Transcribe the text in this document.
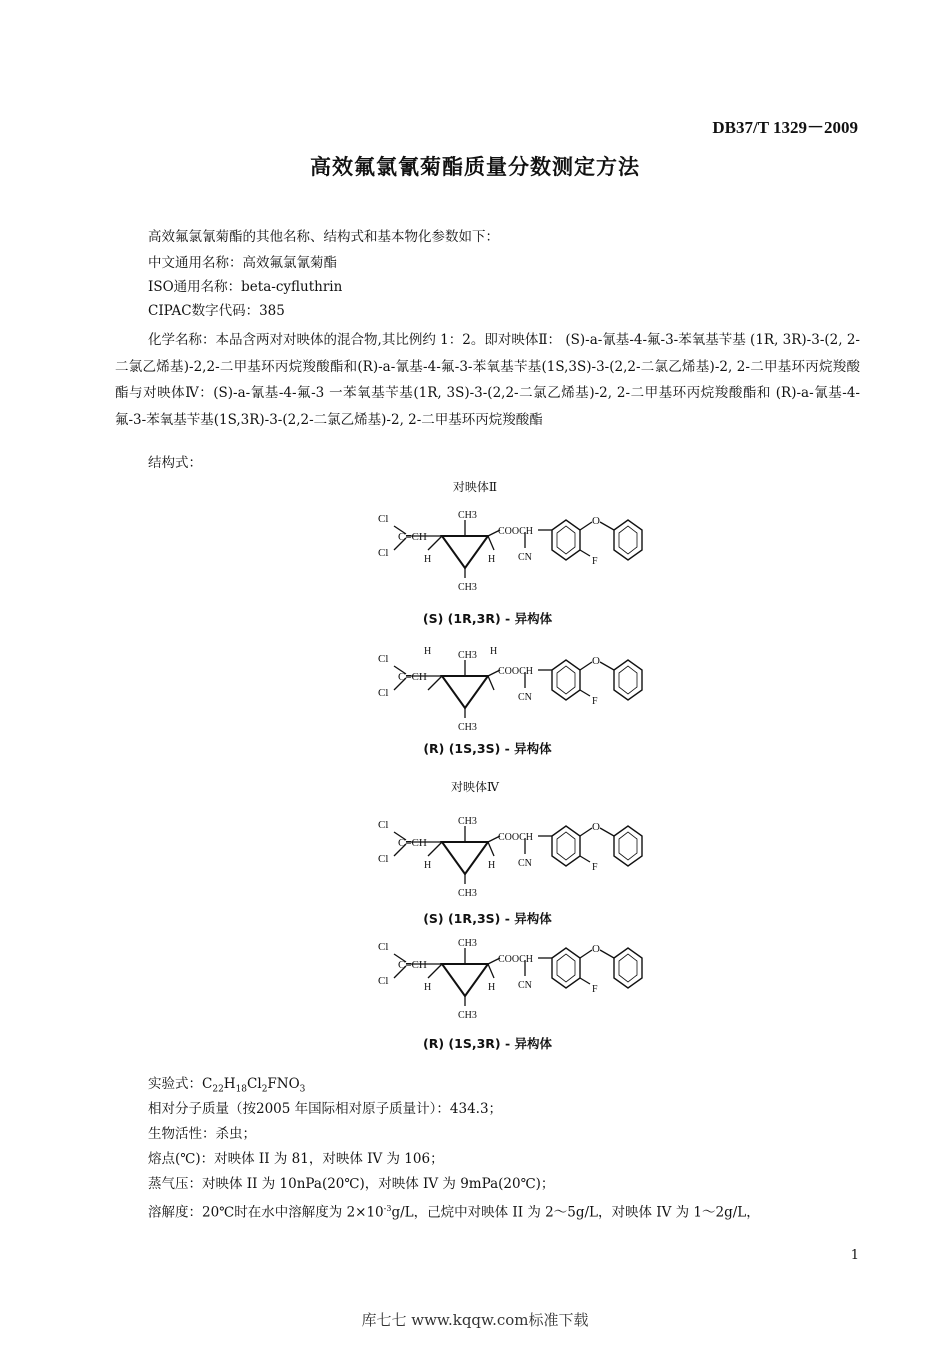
DB37/T 1329－2009
高效氟氯氰菊酯质量分数测定方法
高效氟氯氰菊酯的其他名称、结构式和基本物化参数如下：
中文通用名称：高效氟氯氰菊酯
ISO通用名称：beta-cyfluthrin
CIPAC数字代码：385
化学名称：本品含两对对映体的混合物,其比例约 1：2。即对映体Ⅱ： (S)-a-氰基-4-氟-3-苯氧基苄基 (1R, 3R)-3-(2, 2-二氯乙烯基)-2,2-二甲基环丙烷羧酸酯和(R)-a-氰基-4-氟-3-苯氧基苄基(1S,3S)-3-(2,2-二氯乙烯基)-2, 2-二甲基环丙烷羧酸酯与对映体Ⅳ：(S)-a-氰基-4-氟-3 一苯氧基苄基(1R, 3S)-3-(2,2-二氯乙烯基)-2, 2-二甲基环丙烷羧酸酯和 (R)-a-氰基-4-氟-3-苯氧基苄基(1S,3R)-3-(2,2-二氯乙烯基)-2, 2-二甲基环丙烷羧酸酯
结构式：
对映体Ⅱ
Cl
Cl
C=CH
CH3
H
CH3
H
COOCH
CN
O
F
(S) (1R,3R) - 异构体
Cl
Cl
C=CH
CH3
H
CH3
H
COOCH
CN
O
F
(R) (1S,3S) - 异构体
对映体Ⅳ
Cl
Cl
C=CH
CH3
H
CH3
H
COOCH
CN
O
F
(S) (1R,3S) - 异构体
Cl
Cl
C=CH
CH3
H
CH3
H
COOCH
CN
O
F
(R) (1S,3R) - 异构体
实验式：$C_{22}H_{18}Cl_2FNO_3$
相对分子质量（按2005 年国际相对原子质量计）：434.3；
生物活性：杀虫；
熔点(℃)：对映体 II 为 81，对映体 IV 为 106；
蒸气压：对映体 II 为 10nPa(20℃)，对映体 IV 为 9mPa(20℃)；
溶解度：20℃时在水中溶解度为 $2\times 10^{-3}g/L$，己烷中对映体 II 为 2～5g/L，对映体 IV 为 1～2g/L，
1
库七七 www.kqqw.com标准下载
